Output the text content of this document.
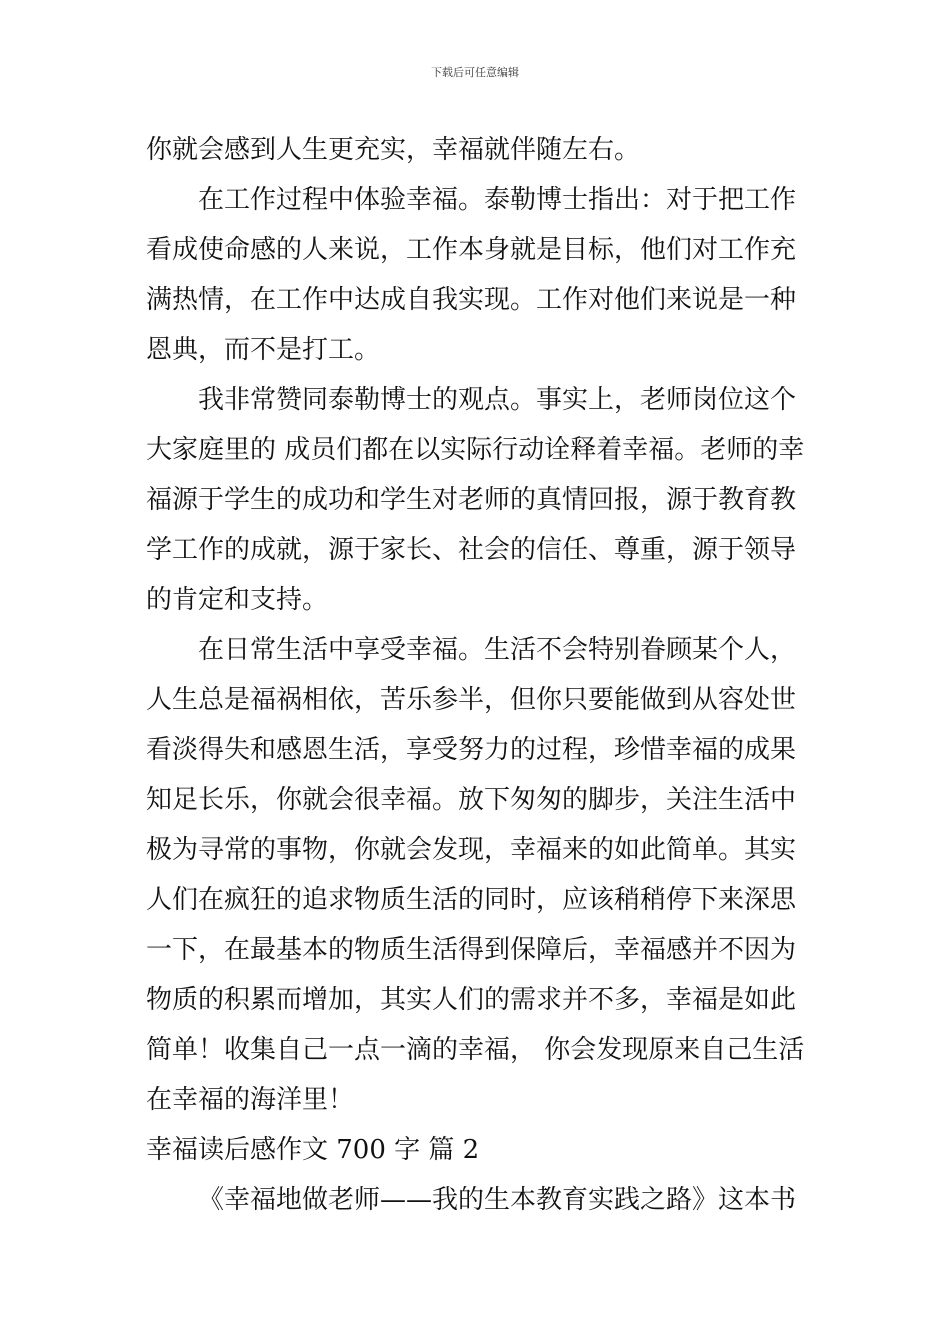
下载后可任意编辑
你就会感到人生更充实，幸福就伴随左右。
在工作过程中体验幸福。泰勒博士指出：对于把工作
看成使命感的人来说，工作本身就是目标，他们对工作充
满热情，在工作中达成自我实现。工作对他们来说是一种
恩典，而不是打工。
我非常赞同泰勒博士的观点。事实上，老师岗位这个
大家庭里的 成员们都在以实际行动诠释着幸福。老师的幸
福源于学生的成功和学生对老师的真情回报，源于教育教
学工作的成就，源于家长、社会的信任、尊重，源于领导
的肯定和支持。
在日常生活中享受幸福。生活不会特别眷顾某个人，
人生总是福祸相依，苦乐参半，但你只要能做到从容处世
看淡得失和感恩生活，享受努力的过程，珍惜幸福的成果
知足长乐，你就会很幸福。放下匆匆的脚步，关注生活中
极为寻常的事物，你就会发现，幸福来的如此简单。其实
人们在疯狂的追求物质生活的同时，应该稍稍停下来深思
一下，在最基本的物质生活得到保障后，幸福感并不因为
物质的积累而增加，其实人们的需求并不多，幸福是如此
简单！收集自己一点一滴的幸福， 你会发现原来自己生活
在幸福的海洋里！
幸福读后感作文 700 字 篇 2
《幸福地做老师——我的生本教育实践之路》这本书
